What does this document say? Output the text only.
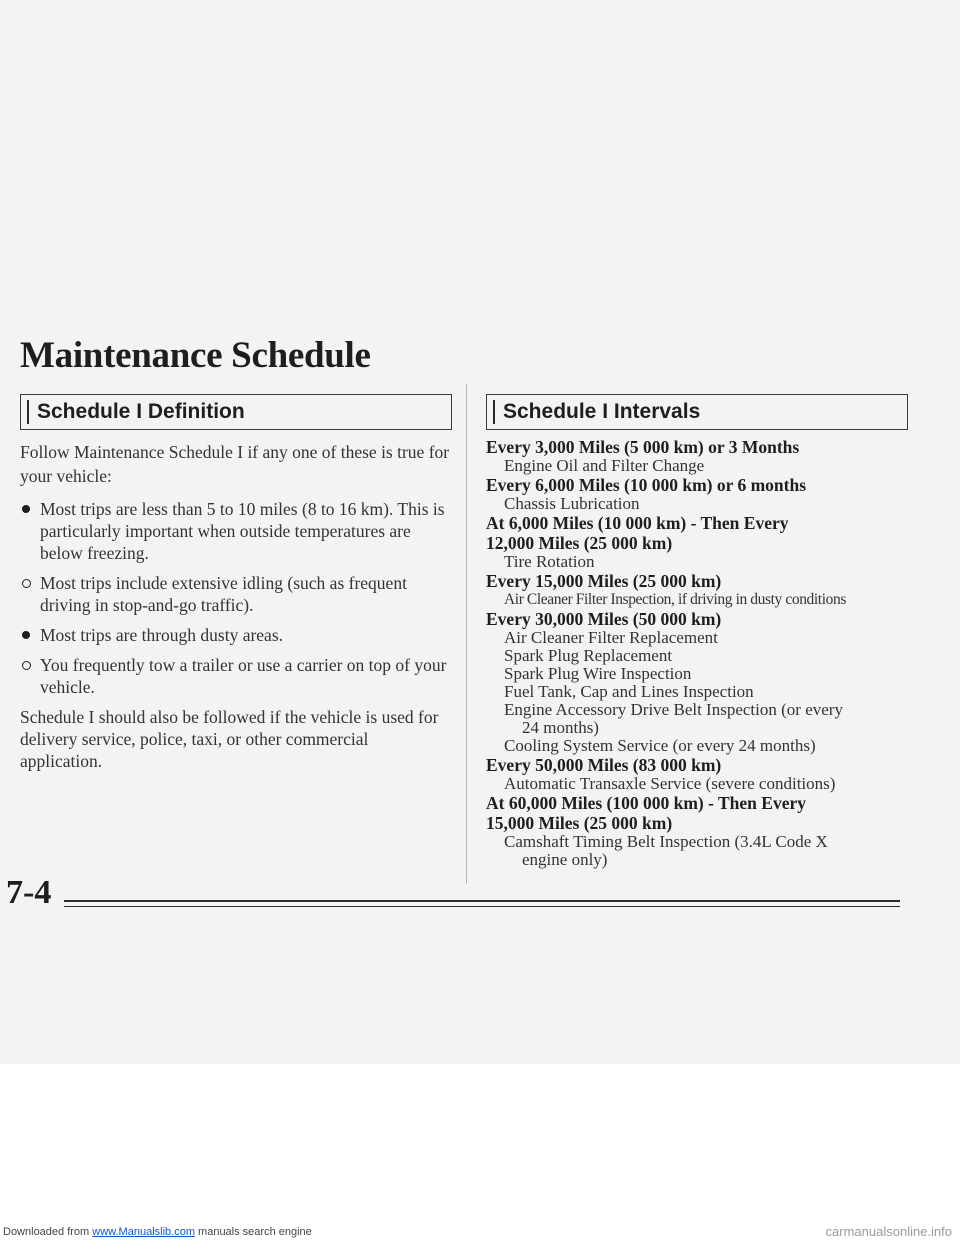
Maintenance Schedule
Schedule I Definition

Follow Maintenance Schedule I if any one of these is true for your vehicle:

Most trips are less than 5 to 10 miles (8 to 16 km). This is particularly important when outside temperatures are below freezing.
Most trips include extensive idling (such as frequent driving in stop-and-go traffic).
Most trips are through dusty areas.
You frequently tow a trailer or use a carrier on top of your vehicle.

Schedule I should also be followed if the vehicle is used for delivery service, police, taxi, or other commercial application.

Schedule I Intervals
Every 3,000 Miles (5 000 km) or 3 Months
Engine Oil and Filter Change
Every 6,000 Miles (10 000 km) or 6 months
Chassis Lubrication
At 6,000 Miles (10 000 km) - Then Every
12,000 Miles (25 000 km)
Tire Rotation
Every 15,000 Miles (25 000 km)
Air Cleaner Filter Inspection, if driving in dusty conditions
Every 30,000 Miles (50 000 km)
Air Cleaner Filter Replacement
Spark Plug Replacement
Spark Plug Wire Inspection
Fuel Tank, Cap and Lines Inspection
Engine Accessory Drive Belt Inspection (or every
24 months)
Cooling System Service (or every 24 months)
Every 50,000 Miles (83 000 km)
Automatic Transaxle Service (severe conditions)
At 60,000 Miles (100 000 km) - Then Every
15,000 Miles (25 000 km)
Camshaft Timing Belt Inspection (3.4L Code X
engine only)
7-4
Downloaded from www.Manualslib.com manuals search engine	carmanualsonline.info
